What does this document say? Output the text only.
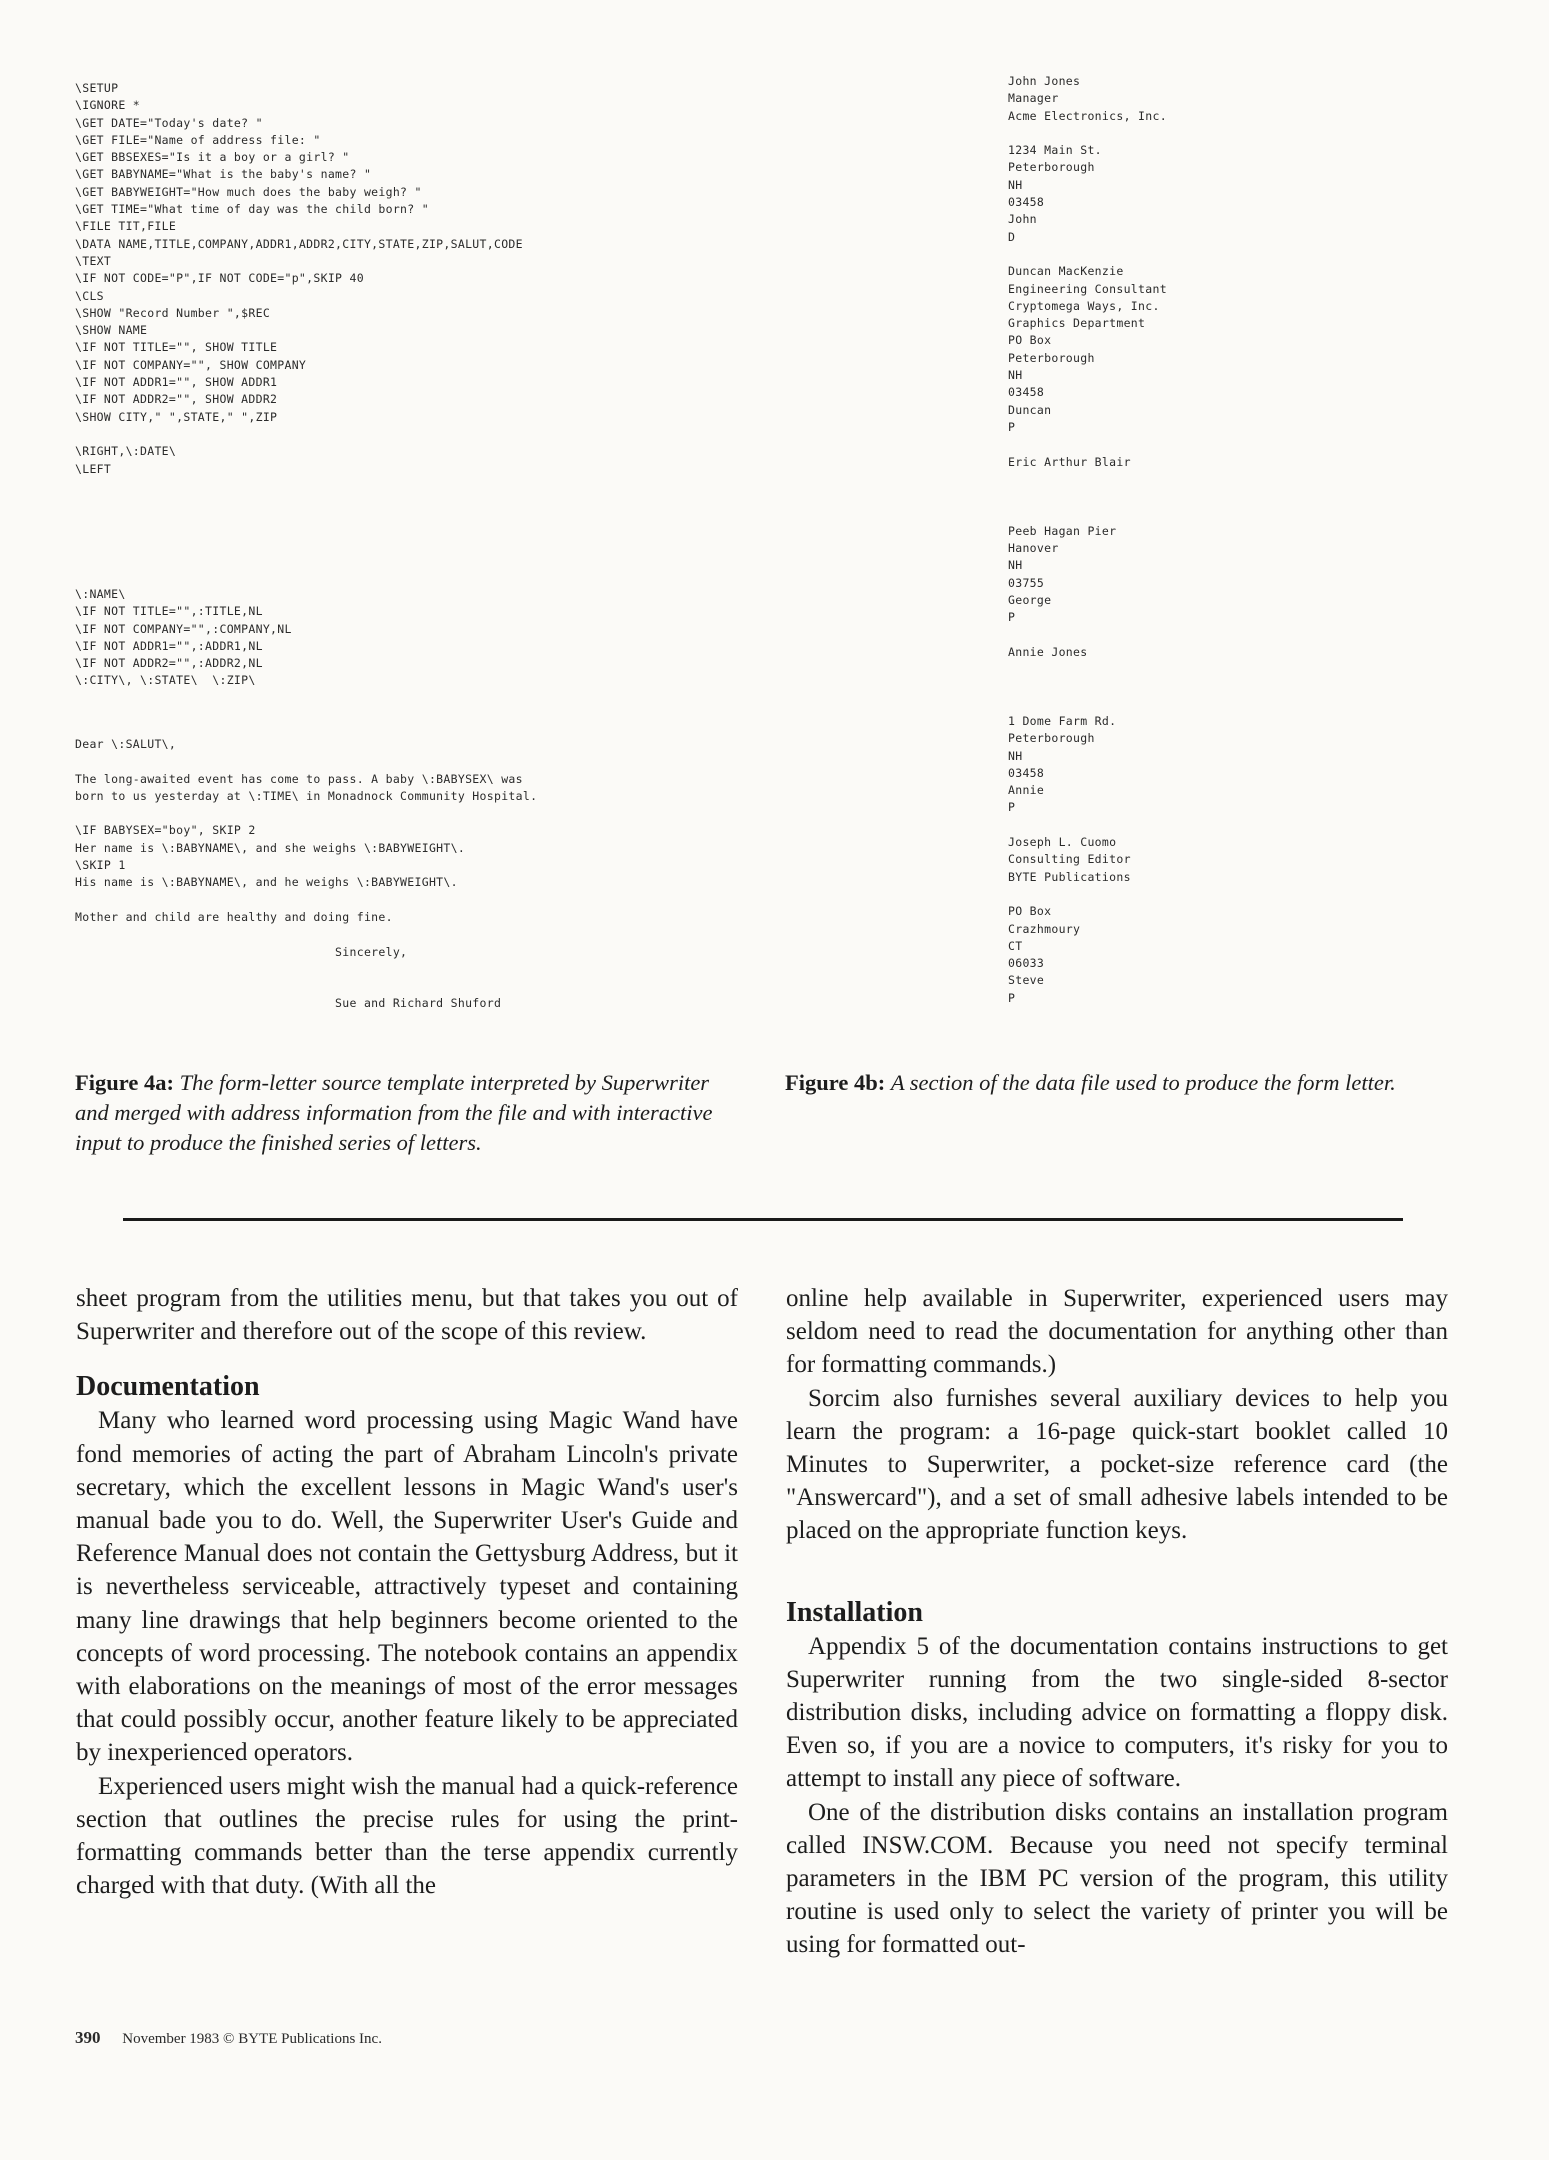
\SETUP
\IGNORE *
\GET DATE="Today's date? "
\GET FILE="Name of address file: "
\GET BBSEXES="Is it a boy or a girl? "
\GET BABYNAME="What is the baby's name? "
\GET BABYWEIGHT="How much does the baby weigh? "
\GET TIME="What time of day was the child born? "
\FILE TIT,FILE
\DATA NAME,TITLE,COMPANY,ADDR1,ADDR2,CITY,STATE,ZIP,SALUT,CODE
\TEXT
\IF NOT CODE="P",IF NOT CODE="p",SKIP 40
\CLS
\SHOW "Record Number ",$REC
\SHOW NAME
\IF NOT TITLE="", SHOW TITLE
\IF NOT COMPANY="", SHOW COMPANY
\IF NOT ADDR1="", SHOW ADDR1
\IF NOT ADDR2="", SHOW ADDR2
\SHOW CITY," ",STATE," ",ZIP

\RIGHT,\:DATE\
\LEFT
\:NAME\
\IF NOT TITLE="",:TITLE,NL
\IF NOT COMPANY="",:COMPANY,NL
\IF NOT ADDR1="",:ADDR1,NL
\IF NOT ADDR2="",:ADDR2,NL
\:CITY\, \:STATE\  \:ZIP\
Dear \:SALUT\,

The long-awaited event has come to pass. A baby \:BABYSEX\ was
born to us yesterday at \:TIME\ in Monadnock Community Hospital.

\IF BABYSEX="boy", SKIP 2
Her name is \:BABYNAME\, and she weighs \:BABYWEIGHT\.
\SKIP 1
His name is \:BABYNAME\, and he weighs \:BABYWEIGHT\.

Mother and child are healthy and doing fine.

Sincerely,

Sue and Richard Shuford
John Jones
Manager
Acme Electronics, Inc.

1234 Main St.
Peterborough
NH
03458
John
D

Duncan MacKenzie
Engineering Consultant
Cryptomega Ways, Inc.
Graphics Department
PO Box
Peterborough
NH
03458
Duncan
P

Eric Arthur Blair

Peeb Hagan Pier
Hanover
NH
03755
George
P

Annie Jones

1 Dome Farm Rd.
Peterborough
NH
03458
Annie
P

Joseph L. Cuomo
Consulting Editor
BYTE Publications

PO Box
Crazhmoury
CT
06033
Steve
P
Figure 4a: The form-letter source template interpreted by Superwriter and merged with address information from the file and with interactive input to produce the finished series of letters.
Figure 4b: A section of the data file used to produce the form letter.

sheet program from the utilities menu, but that takes you out of Superwriter and therefore out of the scope of this review.

Documentation

Many who learned word processing using Magic Wand have fond memories of acting the part of Abraham Lincoln's private secretary, which the excellent lessons in Magic Wand's user's manual bade you to do. Well, the Superwriter User's Guide and Reference Manual does not contain the Gettysburg Address, but it is nevertheless serviceable, attractively typeset and containing many line drawings that help beginners become oriented to the concepts of word processing. The notebook contains an appendix with elaborations on the meanings of most of the error messages that could possibly occur, another feature likely to be appreciated by inexperienced operators.

Experienced users might wish the manual had a quick-reference section that outlines the precise rules for using the print-formatting commands better than the terse appendix currently charged with that duty. (With all the

online help available in Superwriter, experienced users may seldom need to read the documentation for anything other than for formatting commands.)

Sorcim also furnishes several auxiliary devices to help you learn the program: a 16-page quick-start booklet called 10 Minutes to Superwriter, a pocket-size reference card (the "Answercard"), and a set of small adhesive labels intended to be placed on the appropriate function keys.

Installation

Appendix 5 of the documentation contains instructions to get Superwriter running from the two single-sided 8-sector distribution disks, including advice on formatting a floppy disk. Even so, if you are a novice to computers, it's risky for you to attempt to install any piece of software.

One of the distribution disks contains an installation program called INSW.COM. Because you need not specify terminal parameters in the IBM PC version of the program, this utility routine is used only to select the variety of printer you will be using for formatted out-

390 November 1983 © BYTE Publications Inc.
